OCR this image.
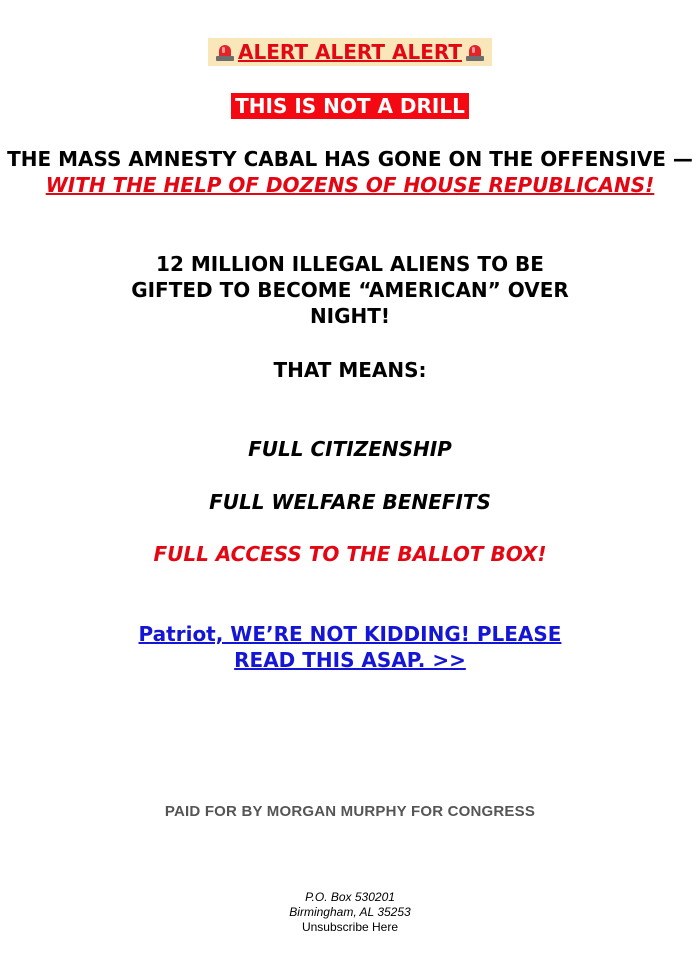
ALERT ALERT ALERT
THIS IS NOT A DRILL
THE MASS AMNESTY CABAL HAS GONE ON THE OFFENSIVE — WITH THE HELP OF DOZENS OF HOUSE REPUBLICANS!
12 MILLION ILLEGAL ALIENS TO BE
GIFTED TO BECOME “AMERICAN” OVER
NIGHT!
THAT MEANS:
FULL CITIZENSHIP
FULL WELFARE BENEFITS
FULL ACCESS TO THE BALLOT BOX!
Patriot, WE’RE NOT KIDDING! PLEASE
READ THIS ASAP. >>
PAID FOR BY MORGAN MURPHY FOR CONGRESS
P.O. Box 530201
Birmingham, AL 35253
Unsubscribe Here
